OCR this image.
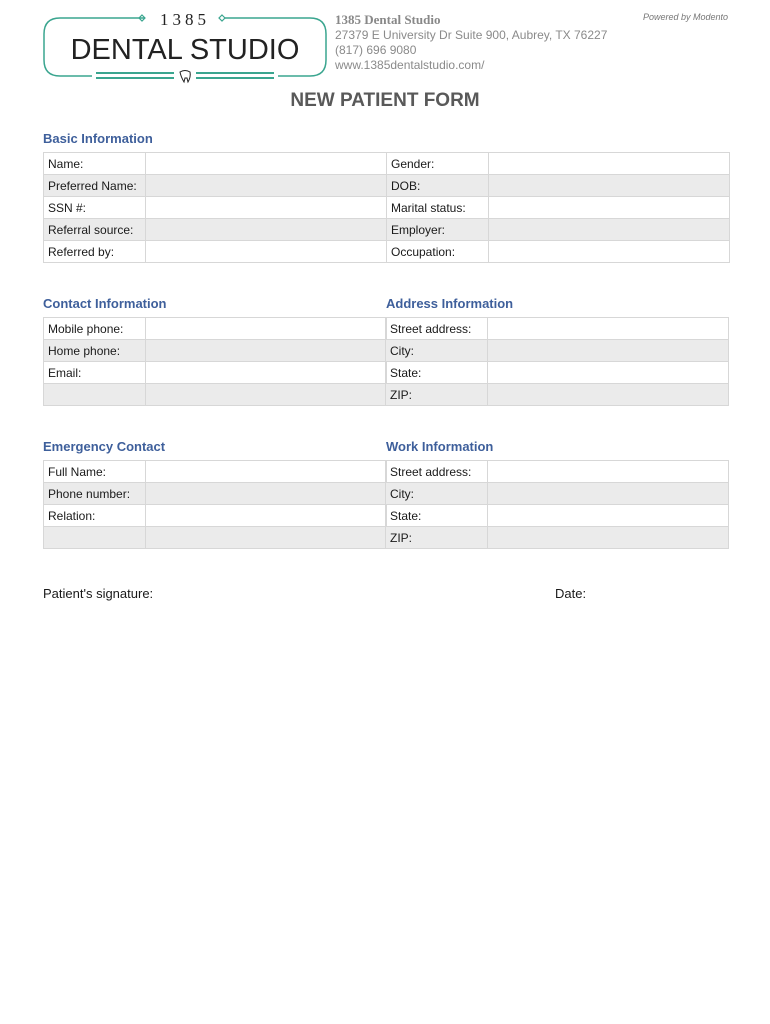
1385
DENTAL STUDIO
1385 Dental Studio
27379 E University Dr Suite 900, Aubrey, TX 76227
(817) 696 9080
www.1385dentalstudio.com/
Powered by Modento
NEW PATIENT FORM
Basic Information
Name:		Gender:	
Preferred Name:		DOB:	
SSN #:		Marital status:	
Referral source:		Employer:	
Referred by:		Occupation:	
Contact Information
Mobile phone:	
Home phone:	
Email:	

Address Information
Street address:	
City:	
State:	
ZIP:	
Emergency Contact
Full Name:	
Phone number:	
Relation:	

Work Information
Street address:	
City:	
State:	
ZIP:	
Patient's signature:	Date:
